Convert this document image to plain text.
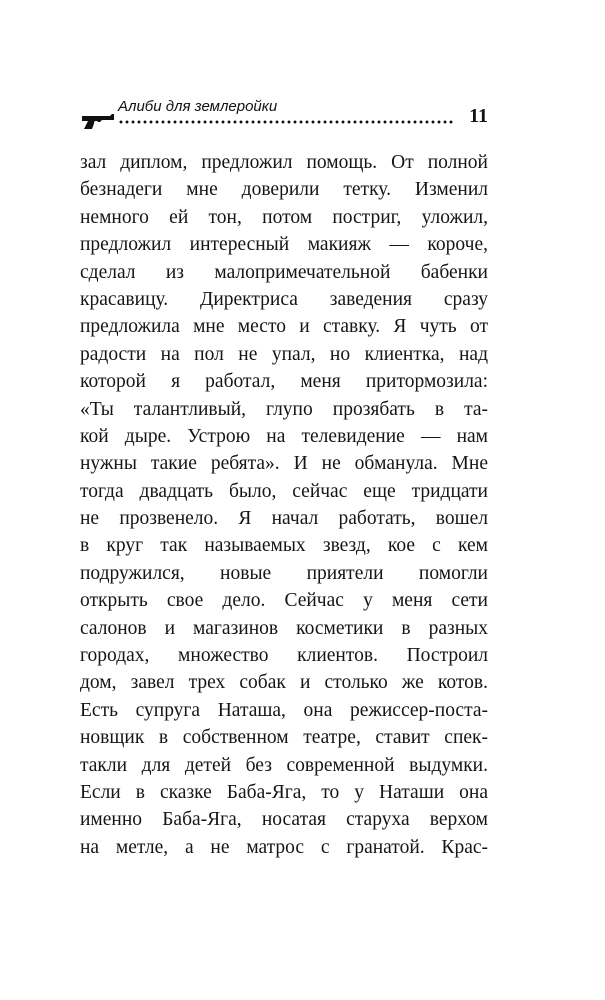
Алиби для землеройки	11
зал диплом, предложил помощь. От полной
безнадеги мне доверили тетку. Изменил
немного ей тон, потом постриг, уложил,
предложил интересный макияж — короче,
сделал из малопримечательной бабенки
красавицу. Директриса заведения сразу
предложила мне место и ставку. Я чуть от
радости на пол не упал, но клиентка, над
которой я работал, меня притормозила:
«Ты талантливый, глупо прозябать в та-
кой дыре. Устрою на телевидение — нам
нужны такие ребята». И не обманула. Мне
тогда двадцать было, сейчас еще тридцати
не прозвенело. Я начал работать, вошел
в круг так называемых звезд, кое с кем
подружился, новые приятели помогли
открыть свое дело. Сейчас у меня сети
салонов и магазинов косметики в разных
городах, множество клиентов. Построил
дом, завел трех собак и столько же котов.
Есть супруга Наташа, она режиссер-поста-
новщик в собственном театре, ставит спек-
такли для детей без современной выдумки.
Если в сказке Баба-Яга, то у Наташи она
именно Баба-Яга, носатая старуха верхом
на метле, а не матрос с гранатой. Крас-
